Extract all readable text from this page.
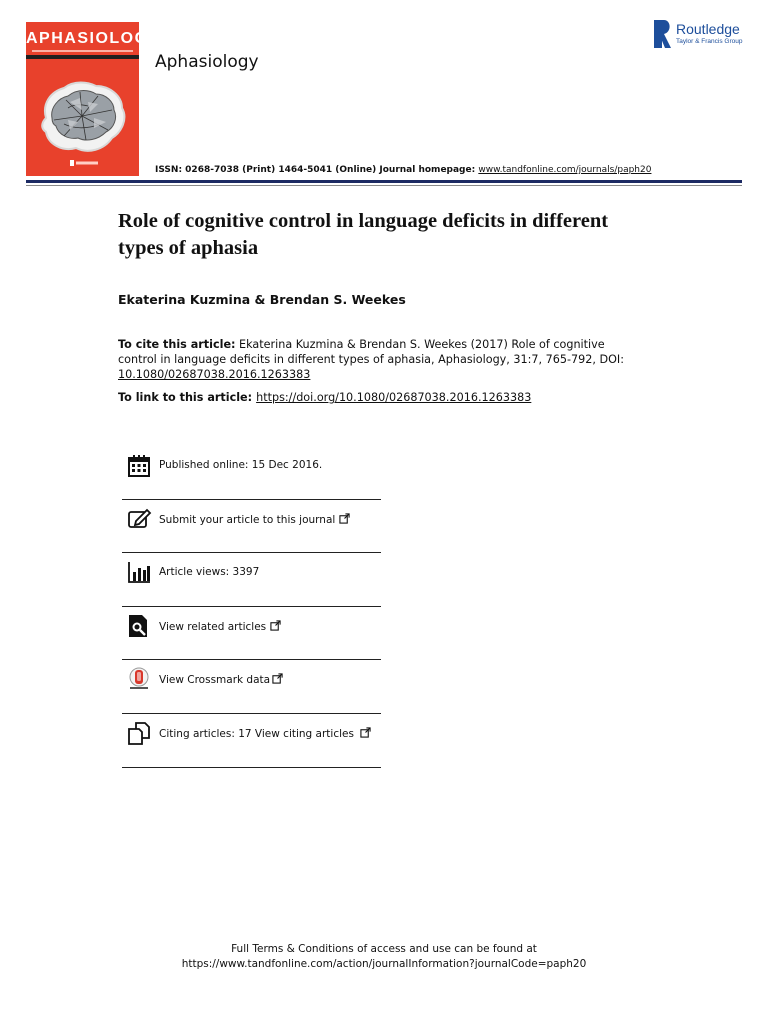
APHASIOLOGY
Aphasiology
Routledge
Taylor & Francis Group
ISSN: 0268-7038 (Print) 1464-5041 (Online) Journal homepage: www.tandfonline.com/journals/paph20
Role of cognitive control in language deficits in different types of aphasia
Ekaterina Kuzmina & Brendan S. Weekes
To cite this article: Ekaterina Kuzmina & Brendan S. Weekes (2017) Role of cognitive control in language deficits in different types of aphasia, Aphasiology, 31:7, 765-792, DOI: 10.1080/02687038.2016.1263383
To link to this article: https://doi.org/10.1080/02687038.2016.1263383
Published online: 15 Dec 2016.
Submit your article to this journal
Article views: 3397
View related articles
View Crossmark data
Citing articles: 17 View citing articles
Full Terms & Conditions of access and use can be found at
https://www.tandfonline.com/action/journalInformation?journalCode=paph20
